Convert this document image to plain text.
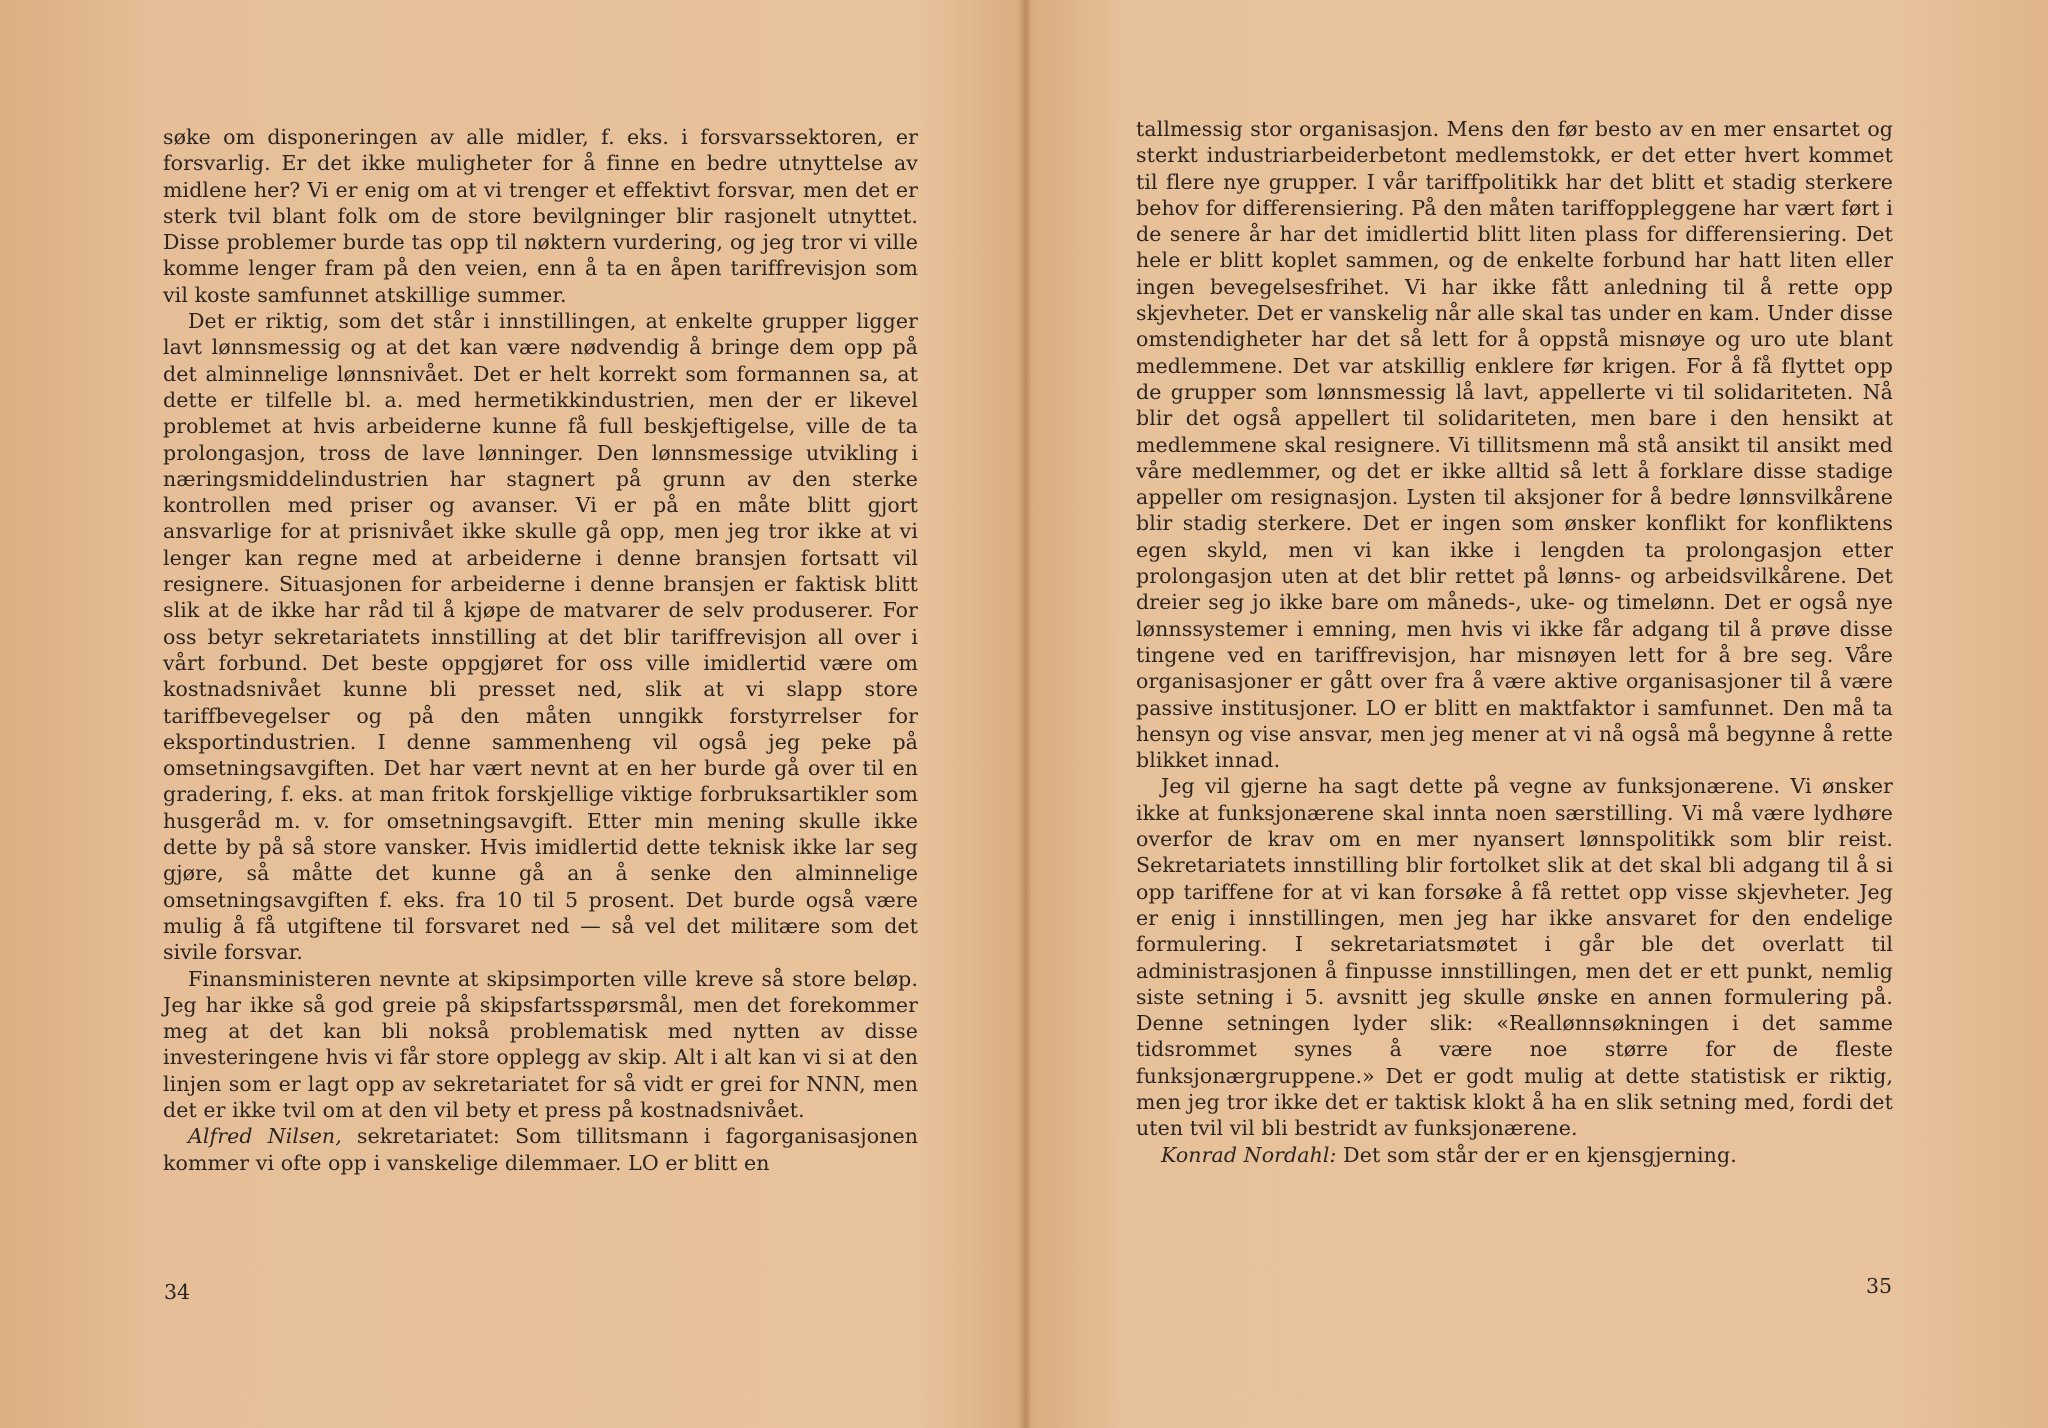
søke om disponeringen av alle midler, f. eks. i forsvarssektoren, er forsvarlig. Er det ikke muligheter for å finne en bedre utnyttelse av midlene her? Vi er enig om at vi trenger et effektivt forsvar, men det er sterk tvil blant folk om de store bevilgninger blir rasjonelt utnyttet. Disse problemer burde tas opp til nøktern vurdering, og jeg tror vi ville komme lenger fram på den veien, enn å ta en åpen tariffrevisjon som vil koste samfunnet atskillige summer.

Det er riktig, som det står i innstillingen, at enkelte grupper ligger lavt lønnsmessig og at det kan være nødvendig å bringe dem opp på det alminnelige lønnsnivået. Det er helt korrekt som formannen sa, at dette er tilfelle bl. a. med hermetikkindustrien, men der er likevel problemet at hvis arbeiderne kunne få full beskjeftigelse, ville de ta prolongasjon, tross de lave lønninger. Den lønnsmessige utvikling i næringsmiddelindustrien har stagnert på grunn av den sterke kontrollen med priser og avanser. Vi er på en måte blitt gjort ansvarlige for at prisnivået ikke skulle gå opp, men jeg tror ikke at vi lenger kan regne med at arbeiderne i denne bransjen fortsatt vil resignere. Situasjonen for arbeiderne i denne bransjen er faktisk blitt slik at de ikke har råd til å kjøpe de matvarer de selv produserer. For oss betyr sekretariatets innstilling at det blir tariffrevisjon all over i vårt forbund. Det beste oppgjøret for oss ville imidlertid være om kostnadsnivået kunne bli presset ned, slik at vi slapp store tariffbevegelser og på den måten unngikk forstyrrelser for eksportindustrien. I denne sammenheng vil også jeg peke på omsetningsavgiften. Det har vært nevnt at en her burde gå over til en gradering, f. eks. at man fritok forskjellige viktige forbruksartikler som husgeråd m. v. for omsetningsavgift. Etter min mening skulle ikke dette by på så store vansker. Hvis imidlertid dette teknisk ikke lar seg gjøre, så måtte det kunne gå an å senke den alminnelige omsetningsavgiften f. eks. fra 10 til 5 prosent. Det burde også være mulig å få utgiftene til forsvaret ned — så vel det militære som det sivile forsvar.

Finansministeren nevnte at skipsimporten ville kreve så store beløp. Jeg har ikke så god greie på skipsfartsspørsmål, men det forekommer meg at det kan bli nokså problematisk med nytten av disse investeringene hvis vi får store opplegg av skip. Alt i alt kan vi si at den linjen som er lagt opp av sekretariatet for så vidt er grei for NNN, men det er ikke tvil om at den vil bety et press på kostnadsnivået.

Alfred Nilsen, sekretariatet: Som tillitsmann i fagorganisasjonen kommer vi ofte opp i vanskelige dilemmaer. LO er blitt en

34

tallmessig stor organisasjon. Mens den før besto av en mer ensartet og sterkt industriarbeiderbetont medlemstokk, er det etter hvert kommet til flere nye grupper. I vår tariffpolitikk har det blitt et stadig sterkere behov for differensiering. På den måten tariffoppleggene har vært ført i de senere år har det imidlertid blitt liten plass for differensiering. Det hele er blitt koplet sammen, og de enkelte forbund har hatt liten eller ingen bevegelsesfrihet. Vi har ikke fått anledning til å rette opp skjevheter. Det er vanskelig når alle skal tas under en kam. Under disse omstendigheter har det så lett for å oppstå misnøye og uro ute blant medlemmene. Det var atskillig enklere før krigen. For å få flyttet opp de grupper som lønnsmessig lå lavt, appellerte vi til solidariteten. Nå blir det også appellert til solidariteten, men bare i den hensikt at medlemmene skal resignere. Vi tillitsmenn må stå ansikt til ansikt med våre medlemmer, og det er ikke alltid så lett å forklare disse stadige appeller om resignasjon. Lysten til aksjoner for å bedre lønnsvilkårene blir stadig sterkere. Det er ingen som ønsker konflikt for konfliktens egen skyld, men vi kan ikke i lengden ta prolongasjon etter prolongasjon uten at det blir rettet på lønns- og arbeidsvilkårene. Det dreier seg jo ikke bare om måneds-, uke- og timelønn. Det er også nye lønnssystemer i emning, men hvis vi ikke får adgang til å prøve disse tingene ved en tariffrevisjon, har misnøyen lett for å bre seg. Våre organisasjoner er gått over fra å være aktive organisasjoner til å være passive institusjoner. LO er blitt en maktfaktor i samfunnet. Den må ta hensyn og vise ansvar, men jeg mener at vi nå også må begynne å rette blikket innad.

Jeg vil gjerne ha sagt dette på vegne av funksjonærene. Vi ønsker ikke at funksjonærene skal innta noen særstilling. Vi må være lydhøre overfor de krav om en mer nyansert lønnspolitikk som blir reist. Sekretariatets innstilling blir fortolket slik at det skal bli adgang til å si opp tariffene for at vi kan forsøke å få rettet opp visse skjevheter. Jeg er enig i innstillingen, men jeg har ikke ansvaret for den endelige formulering. I sekretariatsmøtet i går ble det overlatt til administrasjonen å finpusse innstillingen, men det er ett punkt, nemlig siste setning i 5. avsnitt jeg skulle ønske en annen formulering på. Denne setningen lyder slik: «Reallønnsøkningen i det samme tidsrommet synes å være noe større for de fleste funksjonærgruppene.» Det er godt mulig at dette statistisk er riktig, men jeg tror ikke det er taktisk klokt å ha en slik setning med, fordi det uten tvil vil bli bestridt av funksjonærene.

Konrad Nordahl: Det som står der er en kjensgjerning.

35
